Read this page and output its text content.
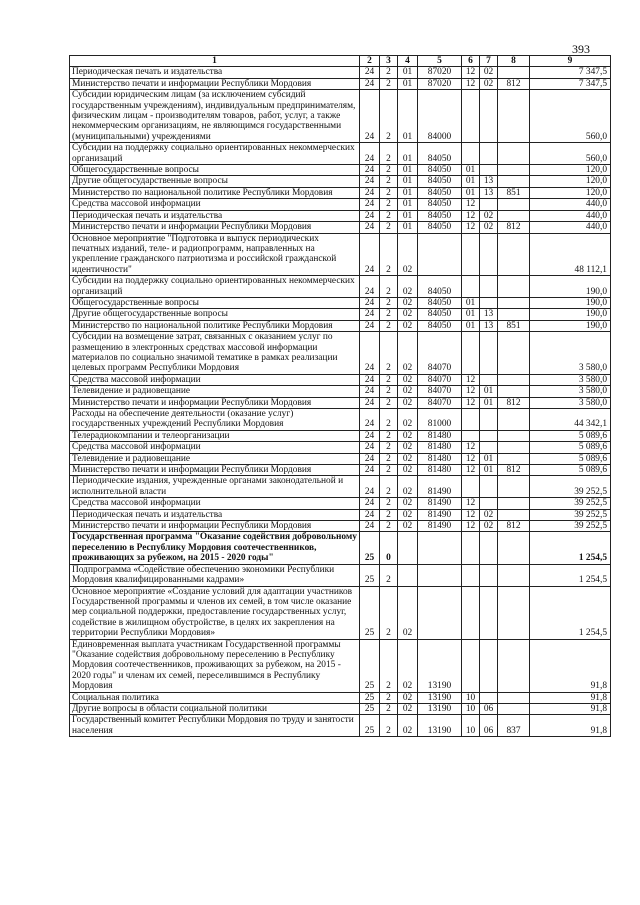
393
1	2	3	4	5	6	7	8	9
Периодическая печать и издательства	24	2	01	87020	12	02		7 347,5
Министерство печати и информации Республики Мордовия	24	2	01	87020	12	02	812	7 347,5
Субсидии юридическим лицам (за исключением субсидий государственным учреждениям), индивидуальным предпринимателям, физическим лицам - производителям товаров, работ, услуг, а также некоммерческим организациям, не являющимся государственными (муниципальными) учреждениями	24	2	01	84000				560,0
Субсидии на поддержку социально ориентированных некоммерческих организаций	24	2	01	84050				560,0
Общегосударственные вопросы	24	2	01	84050	01			120,0
Другие общегосударственные вопросы	24	2	01	84050	01	13		120,0
Министерство по национальной политике Республики Мордовия	24	2	01	84050	01	13	851	120,0
Средства массовой информации	24	2	01	84050	12			440,0
Периодическая печать и издательства	24	2	01	84050	12	02		440,0
Министерство печати и информации Республики Мордовия	24	2	01	84050	12	02	812	440,0
Основное мероприятие "Подготовка и выпуск периодических печатных изданий, теле- и радиопрограмм, направленных на укрепление гражданского патриотизма и российской гражданской идентичности"	24	2	02					48 112,1
Субсидии на поддержку социально ориентированных некоммерческих организаций	24	2	02	84050				190,0
Общегосударственные вопросы	24	2	02	84050	01			190,0
Другие общегосударственные вопросы	24	2	02	84050	01	13		190,0
Министерство по национальной политике Республики Мордовия	24	2	02	84050	01	13	851	190,0
Субсидии на возмещение затрат, связанных с оказанием услуг по размещению в электронных средствах массовой информации материалов по социально значимой тематике в рамках реализации целевых программ Республики Мордовия	24	2	02	84070				3 580,0
Средства массовой информации	24	2	02	84070	12			3 580,0
Телевидение и радиовещание	24	2	02	84070	12	01		3 580,0
Министерство печати и информации Республики Мордовия	24	2	02	84070	12	01	812	3 580,0
Расходы на обеспечение деятельности (оказание услуг) государственных учреждений Республики Мордовия	24	2	02	81000				44 342,1
Телерадиокомпании и телеорганизации	24	2	02	81480				5 089,6
Средства массовой информации	24	2	02	81480	12			5 089,6
Телевидение и радиовещание	24	2	02	81480	12	01		5 089,6
Министерство печати и информации Республики Мордовия	24	2	02	81480	12	01	812	5 089,6
Периодические издания, учрежденные органами законодательной и исполнительной власти	24	2	02	81490				39 252,5
Средства массовой информации	24	2	02	81490	12			39 252,5
Периодическая печать и издательства	24	2	02	81490	12	02		39 252,5
Министерство печати и информации Республики Мордовия	24	2	02	81490	12	02	812	39 252,5
Государственная программа "Оказание содействия добровольному переселению в Республику Мордовия соотечественников, проживающих за рубежом, на 2015 - 2020 годы"	25	0						1 254,5
Подпрограмма «Содействие обеспечению экономики Республики Мордовия квалифицированными кадрами»	25	2						1 254,5
Основное мероприятие «Создание условий для адаптации участников Государственной программы и членов их семей, в том числе оказание мер социальной поддержки, предоставление государственных услуг, содействие в жилищном обустройстве, в целях их закрепления на территории Республики Мордовия»	25	2	02					1 254,5
Единовременная выплата участникам Государственной программы "Оказание содействия добровольному переселению в Республику Мордовия соотечественников, проживающих за рубежом, на 2015 - 2020 годы" и членам их семей, переселившимся в Республику Мордовия	25	2	02	13190				91,8
Социальная политика	25	2	02	13190	10			91,8
Другие вопросы в области социальной политики	25	2	02	13190	10	06		91,8
Государственный комитет Республики Мордовия по труду и занятости населения	25	2	02	13190	10	06	837	91,8
